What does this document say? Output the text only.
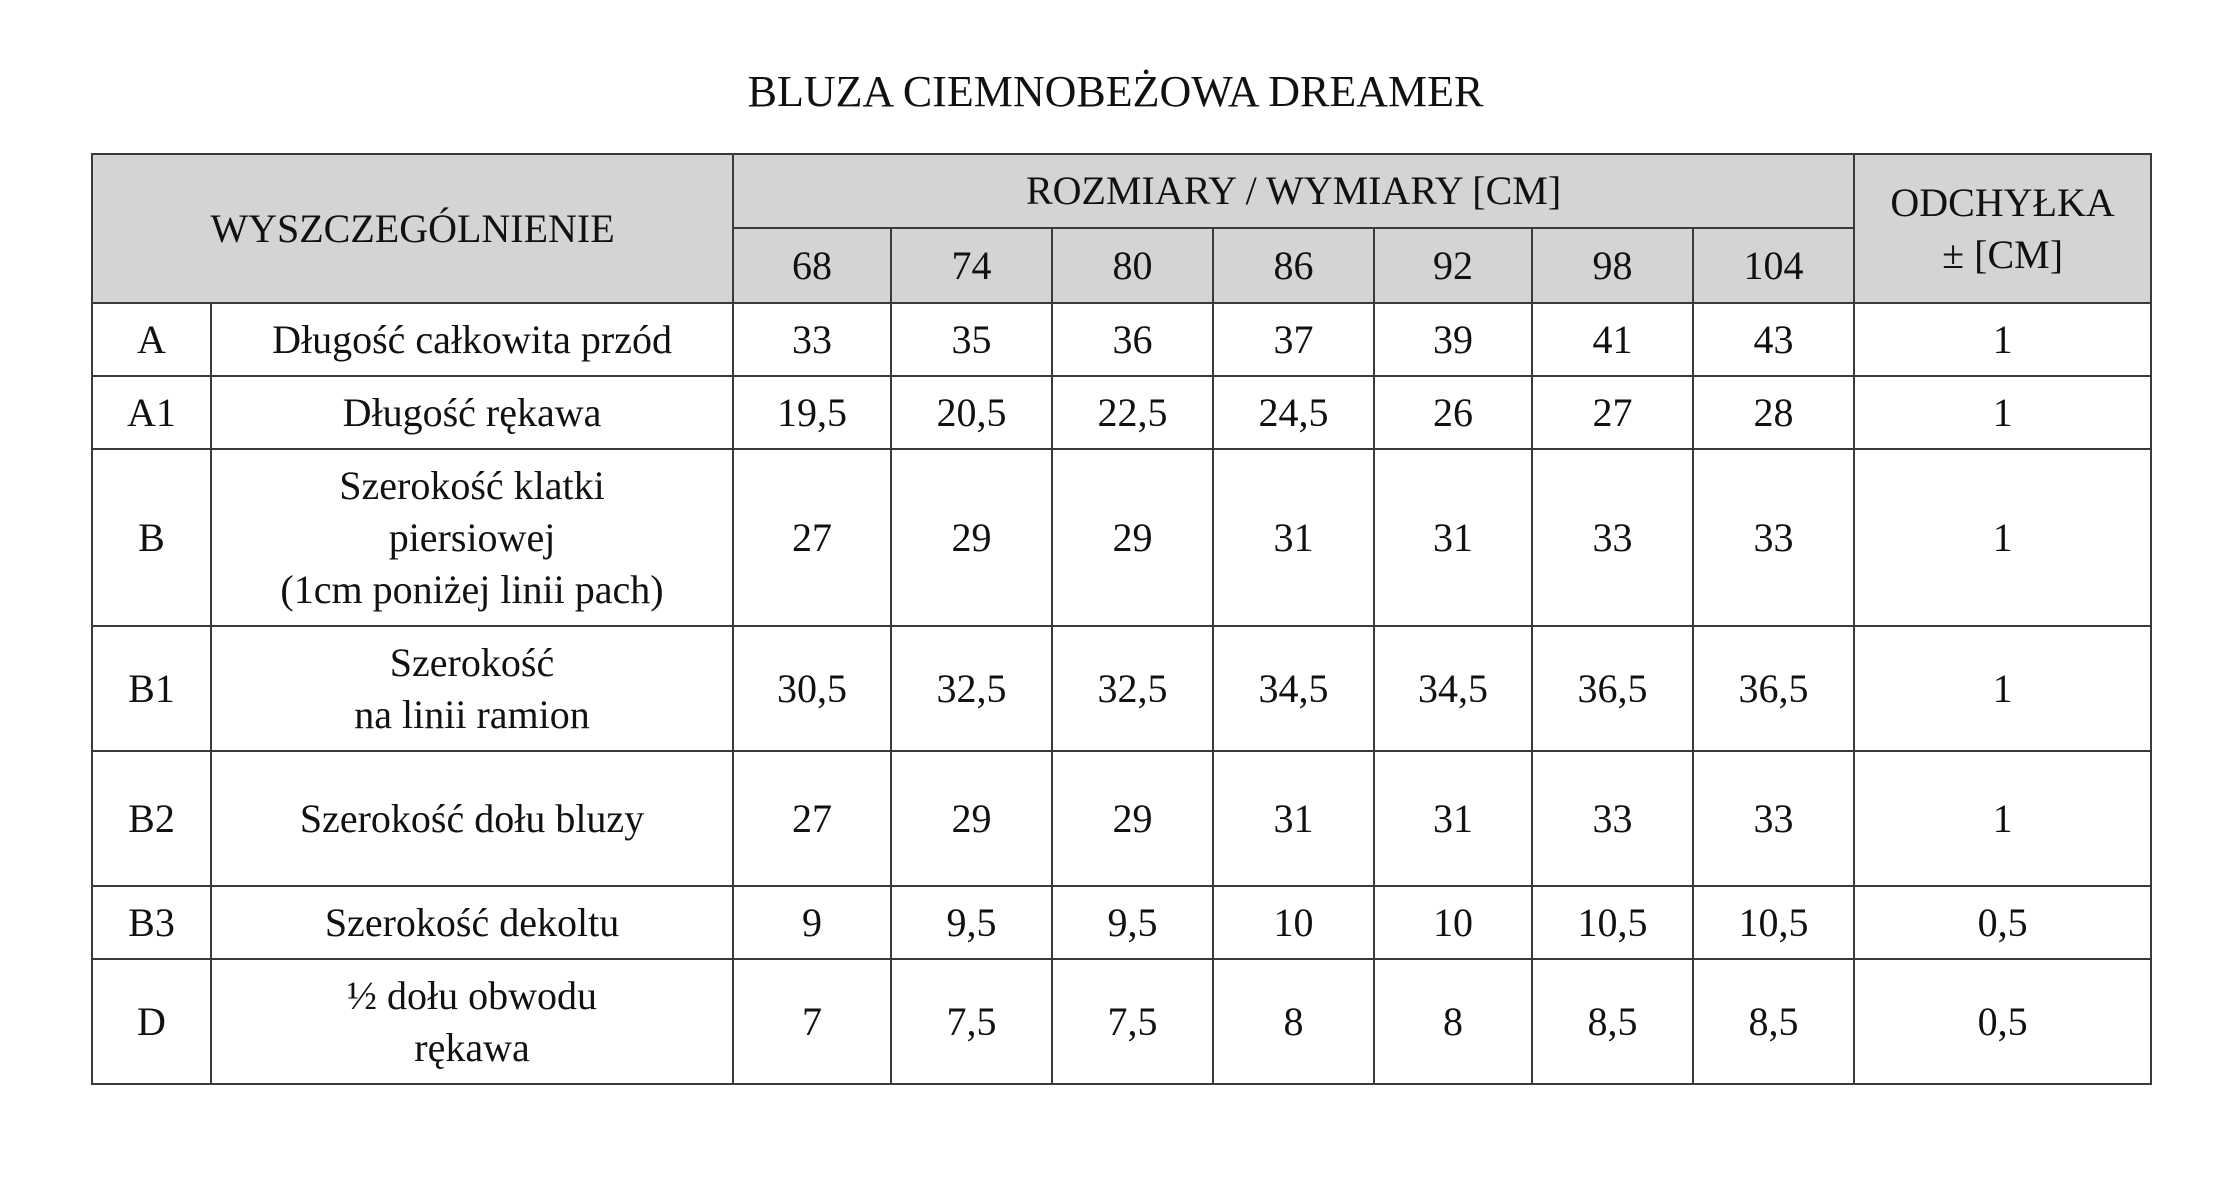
BLUZA CIEMNOBEŻOWA DREAMER
WYSZCZEGÓLNIENIE		ROZMIARY / WYMIARY [CM]							ODCHYŁKA
± [CM]

		68	74	80	86	92	98	104	
A	Długość całkowita przód	33	35	36	37	39	41	43	1
A1	Długość rękawa	19,5	20,5	22,5	24,5	26	27	28	1
B	Szerokość klatki
piersiowej
(1cm poniżej linii pach)	27	29	29	31	31	33	33	1
B1	Szerokość
na linii ramion	30,5	32,5	32,5	34,5	34,5	36,5	36,5	1
B2	Szerokość dołu bluzy	27	29	29	31	31	33	33	1
B3	Szerokość dekoltu	9	9,5	9,5	10	10	10,5	10,5	0,5
D	½ dołu obwodu
rękawa	7	7,5	7,5	8	8	8,5	8,5	0,5
